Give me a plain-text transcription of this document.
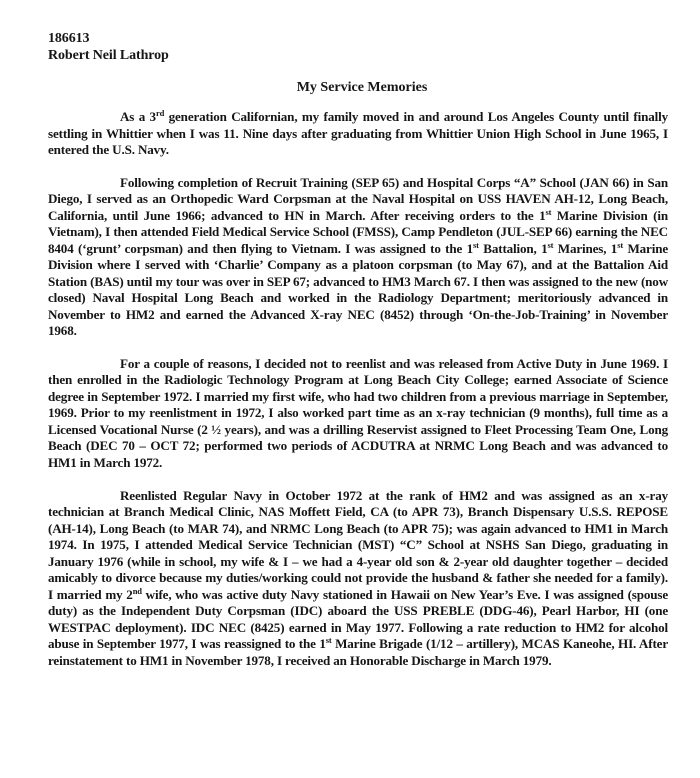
186613
Robert Neil Lathrop
My Service Memories

As a 3rd generation Californian, my family moved in and around Los Angeles County until finally settling in Whittier when I was 11. Nine days after graduating from Whittier Union High School in June 1965, I entered the U.S. Navy.

Following completion of Recruit Training (SEP 65) and Hospital Corps “A” School (JAN 66) in San Diego, I served as an Orthopedic Ward Corpsman at the Naval Hospital on USS HAVEN AH-12, Long Beach, California, until June 1966; advanced to HN in March. After receiving orders to the 1st Marine Division (in Vietnam), I then attended Field Medical Service School (FMSS), Camp Pendleton (JUL-SEP 66) earning the NEC 8404 (‘grunt’ corpsman) and then flying to Vietnam. I was assigned to the 1st Battalion, 1st Marines, 1st Marine Division where I served with ‘Charlie’ Company as a platoon corpsman (to May 67), and at the Battalion Aid Station (BAS) until my tour was over in SEP 67; advanced to HM3 March 67. I then was assigned to the new (now closed) Naval Hospital Long Beach and worked in the Radiology Department; meritoriously advanced in November to HM2 and earned the Advanced X-ray NEC (8452) through ‘On-the-Job-Training’ in November 1968.

For a couple of reasons, I decided not to reenlist and was released from Active Duty in June 1969. I then enrolled in the Radiologic Technology Program at Long Beach City College; earned Associate of Science degree in September 1972. I married my first wife, who had two children from a previous marriage in September, 1969. Prior to my reenlistment in 1972, I also worked part time as an x-ray technician (9 months), full time as a Licensed Vocational Nurse (2 ½ years), and was a drilling Reservist assigned to Fleet Processing Team One, Long Beach (DEC 70 – OCT 72; performed two periods of ACDUTRA at NRMC Long Beach and was advanced to HM1 in March 1972.

Reenlisted Regular Navy in October 1972 at the rank of HM2 and was assigned as an x-ray technician at Branch Medical Clinic, NAS Moffett Field, CA (to APR 73), Branch Dispensary U.S.S. REPOSE (AH-14), Long Beach (to MAR 74), and NRMC Long Beach (to APR 75); was again advanced to HM1 in March 1974. In 1975, I attended Medical Service Technician (MST) “C” School at NSHS San Diego, graduating in January 1976 (while in school, my wife & I – we had a 4-year old son & 2-year old daughter together – decided amicably to divorce because my duties/working could not provide the husband & father she needed for a family). I married my 2nd wife, who was active duty Navy stationed in Hawaii on New Year’s Eve. I was assigned (spouse duty) as the Independent Duty Corpsman (IDC) aboard the USS PREBLE (DDG-46), Pearl Harbor, HI (one WESTPAC deployment). IDC NEC (8425) earned in May 1977. Following a rate reduction to HM2 for alcohol abuse in September 1977, I was reassigned to the 1st Marine Brigade (1/12 – artillery), MCAS Kaneohe, HI. After reinstatement to HM1 in November 1978, I received an Honorable Discharge in March 1979.
